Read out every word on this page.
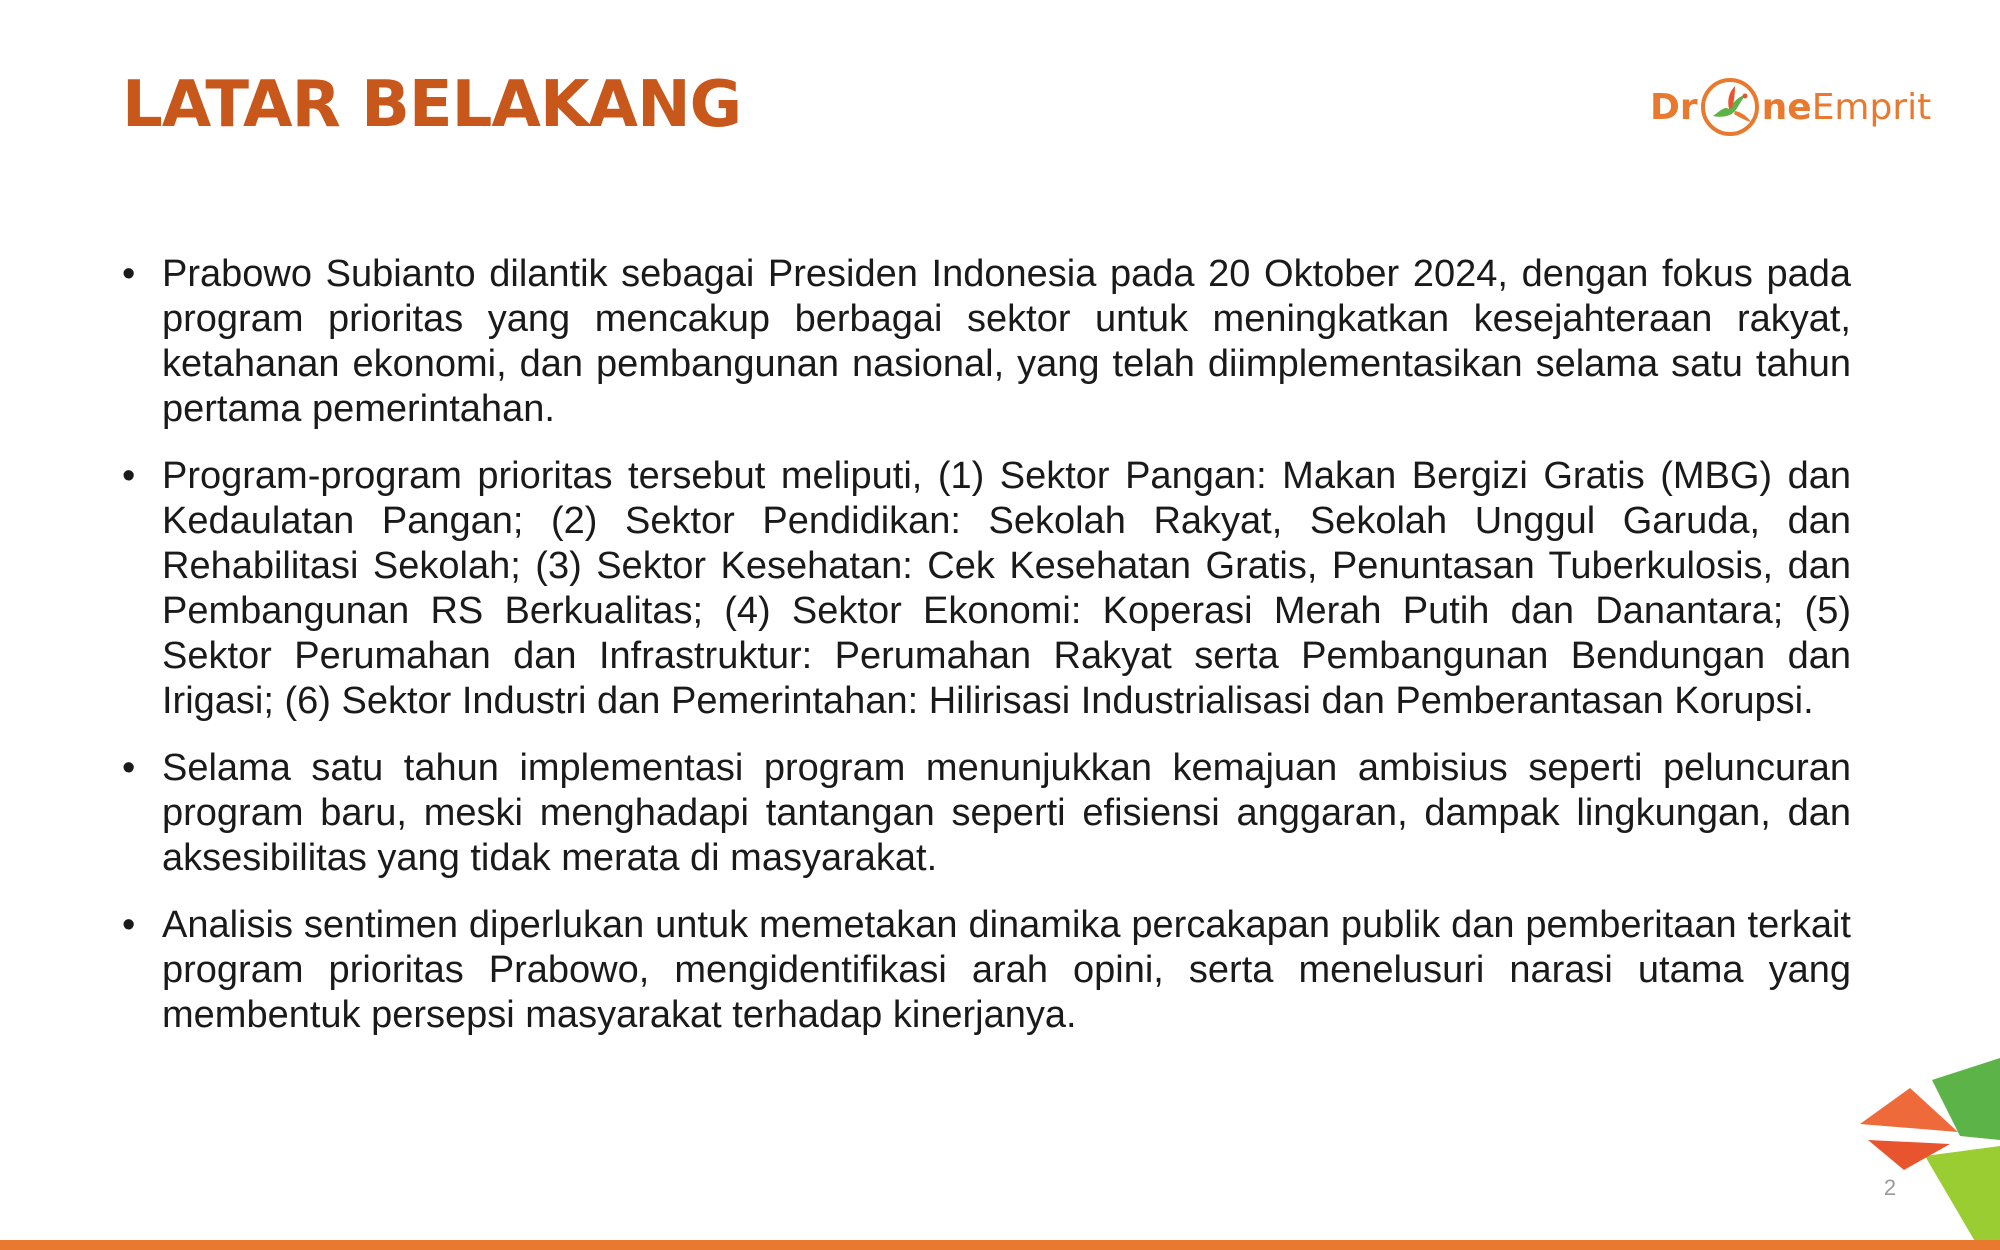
LATAR BELAKANG	Dr ne Emprit
• Prabowo Subianto dilantik sebagai Presiden Indonesia pada 20 Oktober 2024, dengan fokus pada program prioritas yang mencakup berbagai sektor untuk meningkatkan kesejahteraan rakyat, ketahanan ekonomi, dan pembangunan nasional, yang telah diimplementasikan selama satu tahun pertama pemerintahan.
• Program-program prioritas tersebut meliputi, (1) Sektor Pangan: Makan Bergizi Gratis (MBG) dan Kedaulatan Pangan; (2) Sektor Pendidikan: Sekolah Rakyat, Sekolah Unggul Garuda, dan Rehabilitasi Sekolah; (3) Sektor Kesehatan: Cek Kesehatan Gratis, Penuntasan Tuberkulosis, dan Pembangunan RS Berkualitas; (4) Sektor Ekonomi: Koperasi Merah Putih dan Danantara; (5) Sektor Perumahan dan Infrastruktur: Perumahan Rakyat serta Pembangunan Bendungan dan Irigasi; (6) Sektor Industri dan Pemerintahan: Hilirisasi Industrialisasi dan Pemberantasan Korupsi.
• Selama satu tahun implementasi program menunjukkan kemajuan ambisius seperti peluncuran program baru, meski menghadapi tantangan seperti efisiensi anggaran, dampak lingkungan, dan aksesibilitas yang tidak merata di masyarakat.
• Analisis sentimen diperlukan untuk memetakan dinamika percakapan publik dan pemberitaan terkait program prioritas Prabowo, mengidentifikasi arah opini, serta menelusuri narasi utama yang membentuk persepsi masyarakat terhadap kinerjanya.
2
